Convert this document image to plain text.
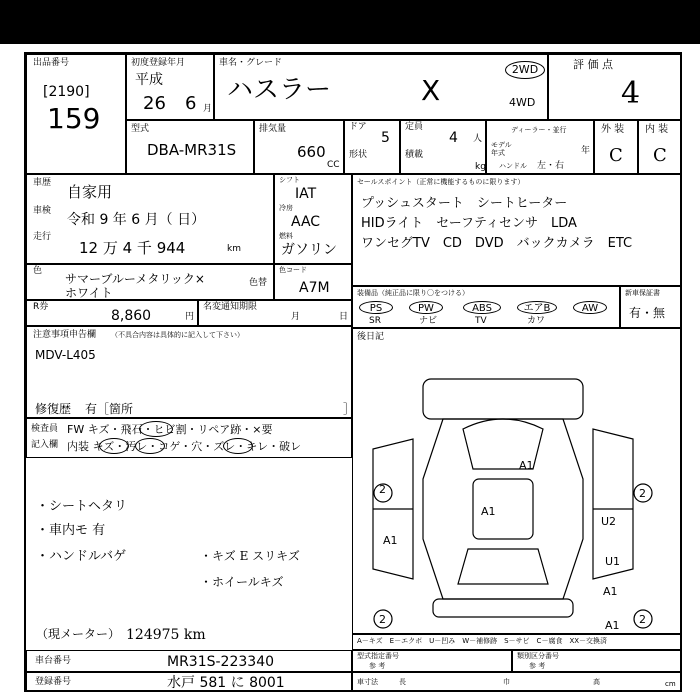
出品番号
[2190]
159
初度登録年月
平成
26 6 月
車名・グレード
ハスラー	X
2WD
4WD
評 価 点
4
型式
DBA-MR31S
排気量
660
CC
ドア
5
形状
定員
4 人
積載
kg
ディーラー・並行
モデル年式	年
ハンドル 左・右
外 装
C
内 装
C
車歴 自家用
車検
令和 9 年 6 月（ 日）
走行
12 万 4 千 944	km
シフト
IAT
冷房
AAC
燃料
ガソリン
色
サマーブルーメタリック×
ホワイト
色替
色コード
A7M
R券
8,860	円
名変通知期限
月	日
注意事項申告欄 （不具合内容は具体的に記入して下さい）
MDV-L405
修復歴 有［箇所	］
検査員
記入欄
FW キズ・飛石・ヒビ割・リペア跡・×要
内装 キズ・汚レ・コゲ・穴・ズレ・キレ・破レ
・シートヘタリ
・車内モ 有
・ハンドルバゲ	・キズ E スリキズ
・ホイールキズ
（現メーター） 124975 km
セールスポイント（正常に機能するものに限ります）
プッシュスタート　シートヒーター
HIDライト　セーフティセンサ　LDA
ワンセグTV　CD　DVD　バックカメラ　ETC
装備品（純正品に限り〇をつける）
PS
SR
PW
ナビ
ABS
TV
エアB
カワ
AW
新車保証書
有・無
後日記
A1
A1
A1
U2
U1
A1
A1
2	2
2	2
A－キズ　E－エクボ　U－凹み　W－補修跡　S－サビ　C－腐食　XX－交換済
車台番号	MR31S-223340
登録番号	水戸 581 に 8001
型式指定番号
参 考
類別区分番号
参 考
車寸法	長	巾	高	cm
